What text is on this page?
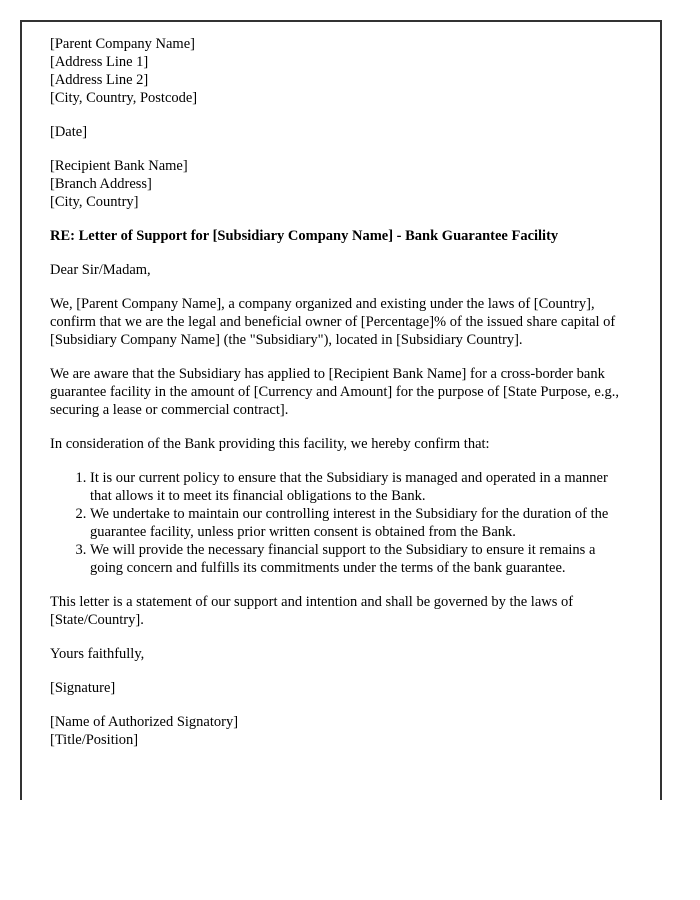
[Parent Company Name]
[Address Line 1]
[Address Line 2]
[City, Country, Postcode]

[Date]

[Recipient Bank Name]
[Branch Address]
[City, Country]

RE: Letter of Support for [Subsidiary Company Name] - Bank Guarantee Facility

Dear Sir/Madam,

We, [Parent Company Name], a company organized and existing under the laws of [Country], confirm that we are the legal and beneficial owner of [Percentage]% of the issued share capital of [Subsidiary Company Name] (the "Subsidiary"), located in [Subsidiary Country].

We are aware that the Subsidiary has applied to [Recipient Bank Name] for a cross-border bank guarantee facility in the amount of [Currency and Amount] for the purpose of [State Purpose, e.g., securing a lease or commercial contract].

In consideration of the Bank providing this facility, we hereby confirm that:

1. It is our current policy to ensure that the Subsidiary is managed and operated in a manner that allows it to meet its financial obligations to the Bank.
2. We undertake to maintain our controlling interest in the Subsidiary for the duration of the guarantee facility, unless prior written consent is obtained from the Bank.
3. We will provide the necessary financial support to the Subsidiary to ensure it remains a going concern and fulfills its commitments under the terms of the bank guarantee.

This letter is a statement of our support and intention and shall be governed by the laws of [State/Country].

Yours faithfully,

[Signature]

[Name of Authorized Signatory]
[Title/Position]
